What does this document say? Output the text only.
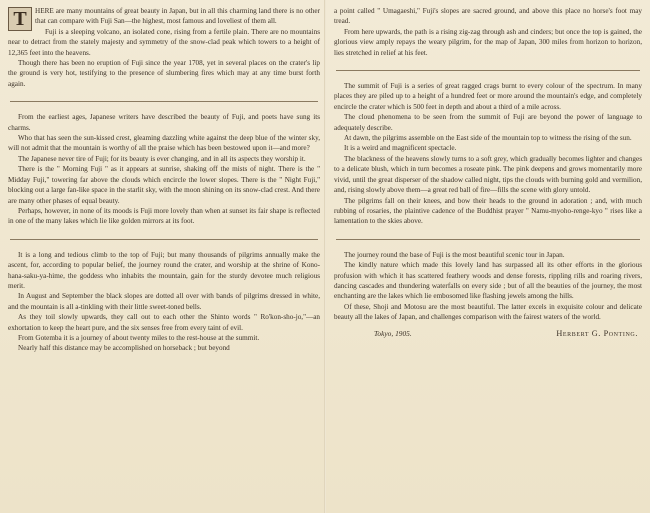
T	HERE are many mountains of great beauty in Japan, but in all this charming land there is no other that can compare with Fuji San—the highest, most famous and loveliest of them all.

Fuji is a sleeping volcano, an isolated cone, rising from a fertile plain. There are no mountains near to detract from the stately majesty and symmetry of the snow-clad peak which towers to a height of 12,365 feet into the heavens.

Though there has been no eruption of Fuji since the year 1708, yet in several places on the crater's lip the ground is very hot, testifying to the presence of slumbering fires which may at any time burst forth again.

From the earliest ages, Japanese writers have described the beauty of Fuji, and poets have sung its charms.

Who that has seen the sun-kissed crest, gleaming dazzling white against the deep blue of the winter sky, will not admit that the mountain is worthy of all the praise which has been bestowed upon it—and more?

The Japanese never tire of Fuji; for its beauty is ever changing, and in all its aspects they worship it.

There is the " Morning Fuji " as it appears at sunrise, shaking off the mists of night. There is the " Midday Fuji," towering far above the clouds which encircle the lower slopes. There is the " Night Fuji," blocking out a large fan-like space in the starlit sky, with the moon shining on its snow-clad crest. And there are many other phases of equal beauty.

Perhaps, however, in none of its moods is Fuji more lovely than when at sunset its fair shape is reflected in one of the many lakes which lie like golden mirrors at its foot.

It is a long and tedious climb to the top of Fuji; but many thousands of pilgrims annually make the ascent, for, according to popular belief, the journey round the crater, and worship at the shrine of Kono-hana-saku-ya-hime, the goddess who inhabits the mountain, gain for the sturdy devotee much religious merit.

In August and September the black slopes are dotted all over with bands of pilgrims dressed in white, and the mountain is all a-tinkling with their little sweet-toned bells.

As they toil slowly upwards, they call out to each other the Shinto words " Ro'kon-sho-jo,"—an exhortation to keep the heart pure, and the six senses free from every taint of evil.

From Gotemba it is a journey of about twenty miles to the rest-house at the summit.

Nearly half this distance may be accomplished on horseback ; but beyond

a point called " Umagaeshi," Fuji's slopes are sacred ground, and above this place no horse's foot may tread.

From here upwards, the path is a rising zig-zag through ash and cinders; but once the top is gained, the glorious view amply repays the weary pilgrim, for the map of Japan, 300 miles from horizon to horizon, lies stretched in relief at his feet.

The summit of Fuji is a series of great ragged crags burnt to every colour of the spectrum. In many places they are piled up to a height of a hundred feet or more around the mountain's edge, and completely encircle the crater which is 500 feet in depth and about a third of a mile across.

The cloud phenomena to be seen from the summit of Fuji are beyond the power of language to adequately describe.

At dawn, the pilgrims assemble on the East side of the mountain top to witness the rising of the sun.

It is a weird and magnificent spectacle.

The blackness of the heavens slowly turns to a soft grey, which gradually becomes lighter and changes to a delicate blush, which in turn becomes a roseate pink. The pink deepens and grows momentarily more vivid, until the great disperser of the shadow called night, tips the clouds with burning gold and vermilion, and, rising slowly above them—a great red ball of fire—fills the scene with glory untold.

The pilgrims fall on their knees, and bow their heads to the ground in adoration ; and, with much rubbing of rosaries, the plaintive cadence of the Buddhist prayer " Namu-myoho-renge-kyo " rises like a lamentation to the skies above.

The journey round the base of Fuji is the most beautiful scenic tour in Japan.

The kindly nature which made this lovely land has surpassed all its other efforts in the glorious profusion with which it has scattered feathery woods and dense forests, rippling rills and roaring rivers, dancing cascades and thundering waterfalls on every side ; but of all the beauties of the journey, the most enchanting are the lakes which lie embosomed like flashing jewels among the hills.

Of these, Shoji and Motosu are the most beautiful. The latter excels in exquisite colour and delicate beauty all the lakes of Japan, and challenges comparison with the fairest waters of the world.

Tokyo, 1905.	Herbert G. Ponting.
